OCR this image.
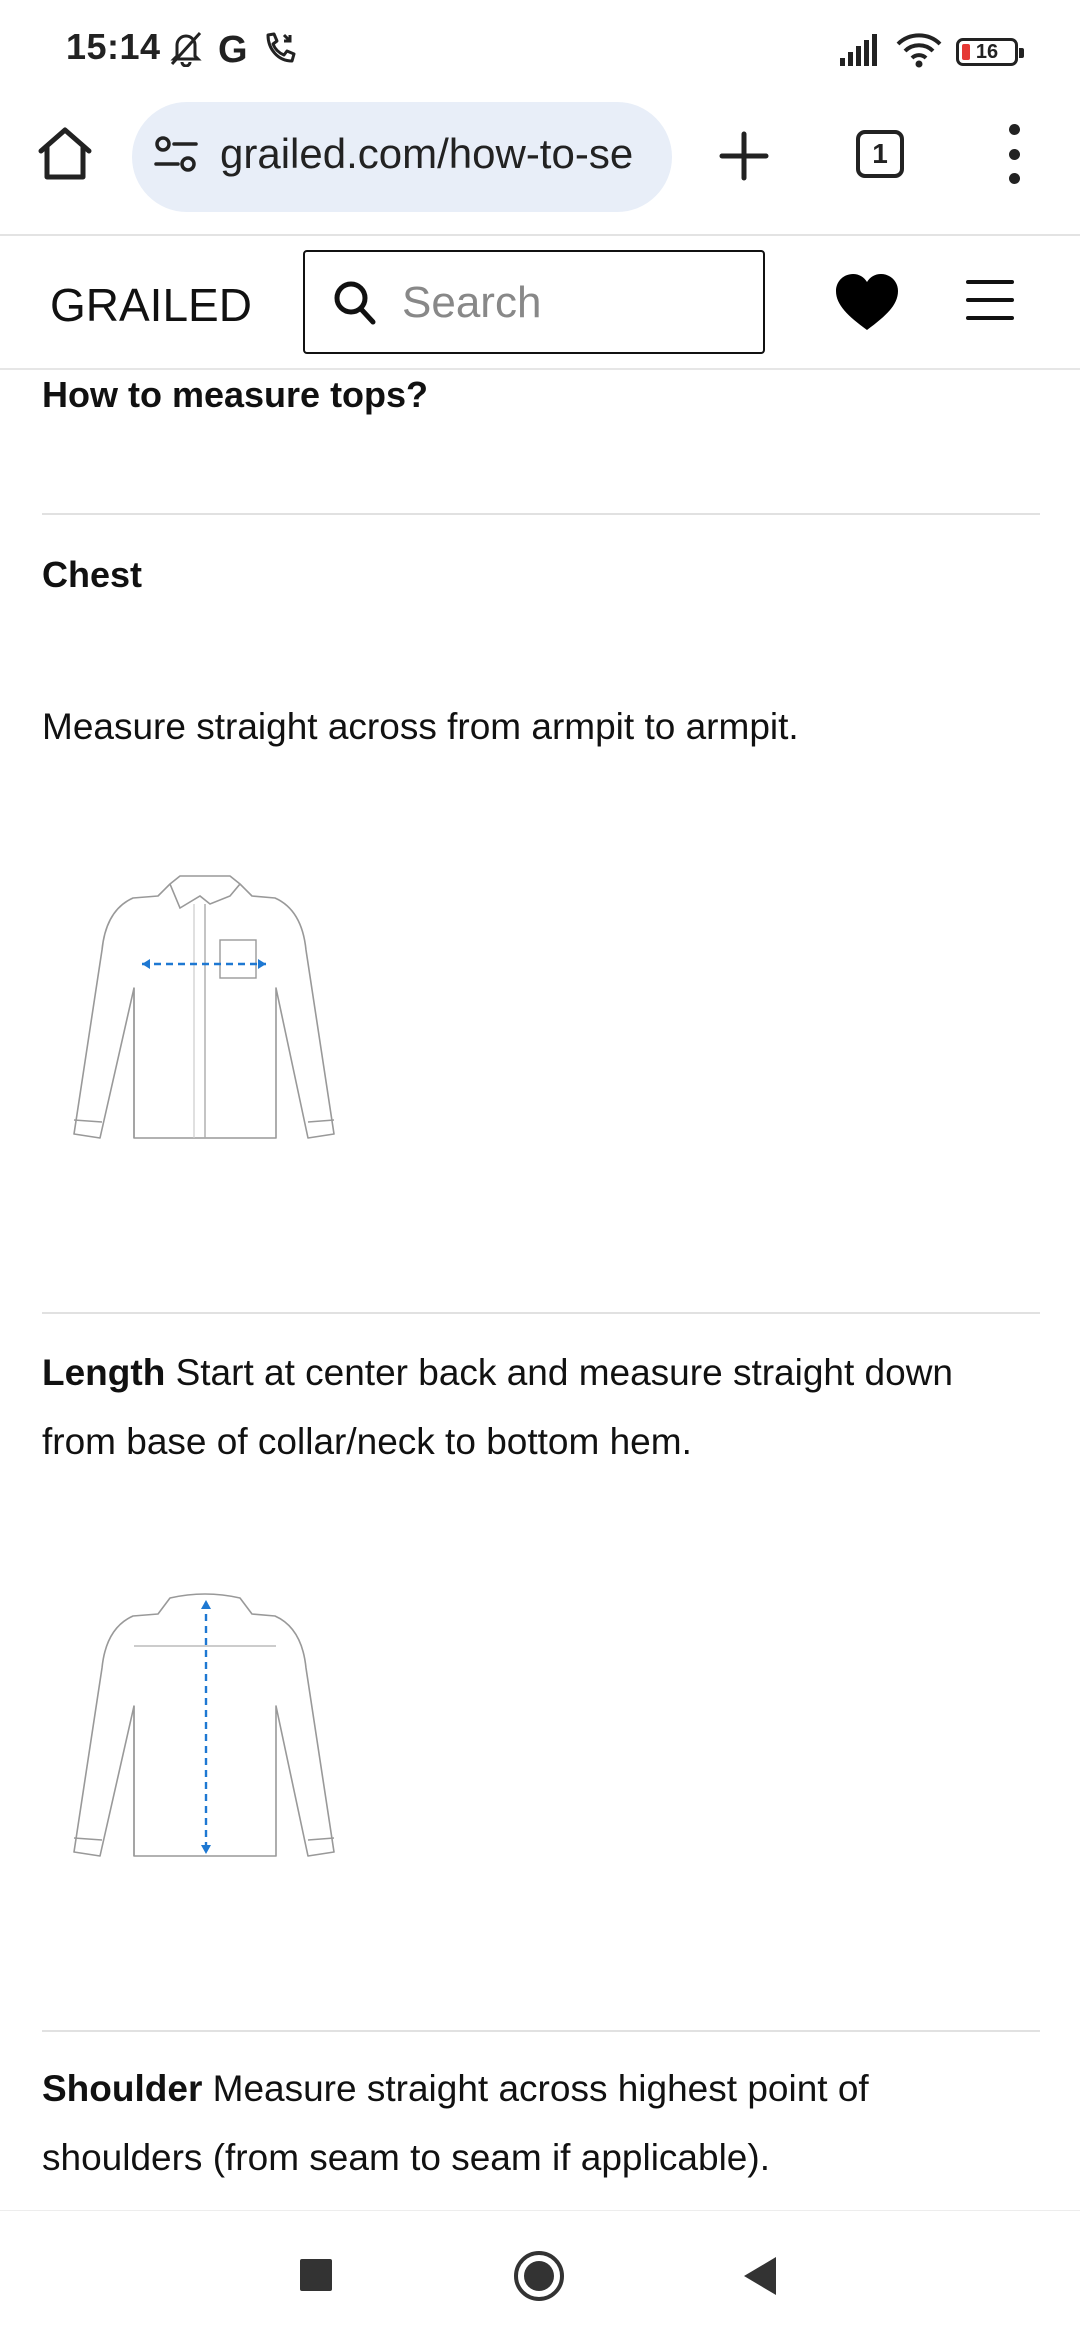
15:14 G	16
grailed.com/how-to-se	1
GRAILED
Search
How to measure tops?
Chest
Measure straight across from armpit to armpit.
Length Start at center back and measure straight down from base of collar/neck to bottom hem.
Shoulder Measure straight across highest point of shoulders (from seam to seam if applicable).
